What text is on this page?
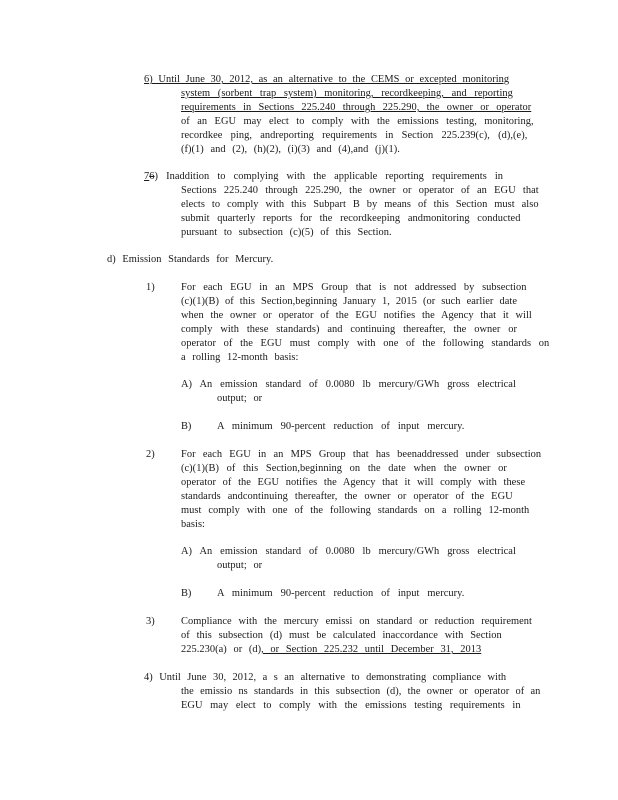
6) Until June 30, 2012, as an alternative to the CEMS or excepted monitoring
system (sorbent trap system) monitoring, recordkeeping, and reporting
requirements in Sections 225.240 through 225.290, the owner or operator
of an EGU may elect to comply with the emissions testing, monitoring,
recordkee ping, andreporting requirements in Section 225.239(c), (d),(e),
(f)(1) and (2), (h)(2), (i)(3) and (4),and (j)(1).
76) Inaddition to complying with the applicable reporting requirements in
Sections 225.240 through 225.290, the owner or operator of an EGU that
elects to comply with this Subpart B by means of this Section must also
submit quarterly reports for the recordkeeping andmonitoring conducted
pursuant to subsection (c)(5) of this Section.
d) Emission Standards for Mercury.
1)	For each EGU in an MPS Group that is not addressed by subsection
(c)(1)(B) of this Section,beginning January 1, 2015 (or such earlier date
when the owner or operator of the EGU notifies the Agency that it will
comply with these standards) and continuing thereafter, the owner or
operator of the EGU must comply with one of the following standards on
a rolling 12-month basis:
A) An emission standard of 0.0080 lb mercury/GWh gross electrical
output; or
B) A minimum 90-percent reduction of input mercury.
2)	For each EGU in an MPS Group that has beenaddressed under subsection
(c)(1)(B) of this Section,beginning on the date when the owner or
operator of the EGU notifies the Agency that it will comply with these
standards andcontinuing thereafter, the owner or operator of the EGU
must comply with one of the following standards on a rolling 12-month
basis:
A) An emission standard of 0.0080 lb mercury/GWh gross electrical
output; or
B) A minimum 90-percent reduction of input mercury.
3)	Compliance with the mercury emissi on standard or reduction requirement
of this subsection (d) must be calculated inaccordance with Section
225.230(a) or (d), or Section 225.232 until December 31, 2013
4) Until June 30, 2012, a s an alternative to demonstrating compliance with
the emissio ns standards in this subsection (d), the owner or operator of an
EGU may elect to comply with the emissions testing requirements in
